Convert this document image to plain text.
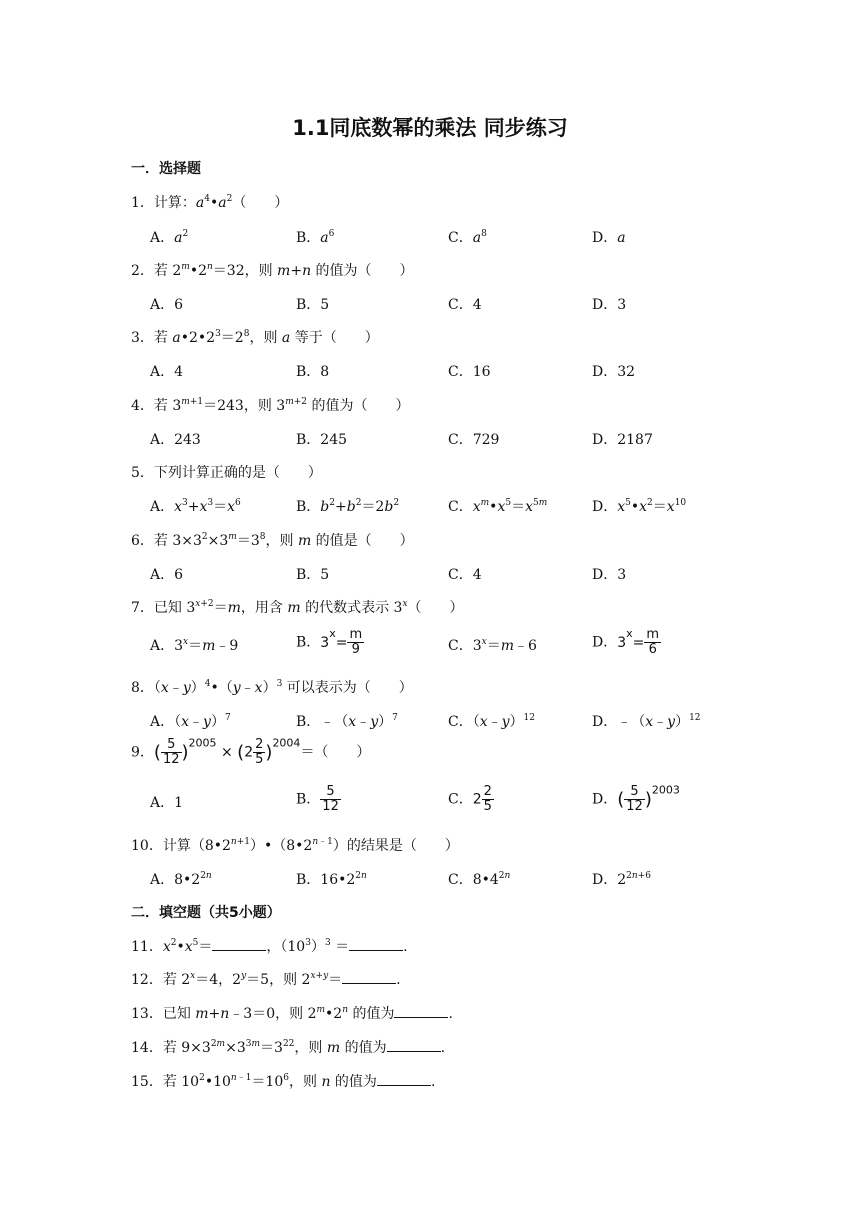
1.1同底数幂的乘法 同步练习
一．选择题
1．计算：$a^4•a^2$（　　）
A．$a^2$	B．$a^6$	C．$a^8$	D．a
2．若 $2^m•2^n=32$，则 m+n 的值为（　　）
A．6	B．5	C．4	D．3
3．若 $a•2•2^3=2^8$，则 a 等于（　　）
A．4	B．8	C．16	D．32
4．若 $3^{m+1}=243$，则 $3^{m+2}$ 的值为（　　）
A．243	B．245	C．729	D．2187
5．下列计算正确的是（　　）
A．$x^3+x^3=x^6$	B．$b^2+b^2=2b^2$	C．$x^m•x^5=x^{5m}$	D．$x^5•x^2=x^{10}$
6．若 $3\times 3^2\times 3^m=3^8$，则 m 的值是（　　）
A．6	B．5	C．4	D．3
7．已知 $3^{x+2}=m$，用含 m 的代数式表示 3$^x$（　　）
A．$3^x=m﹣9$	B．$3^x= \frac{m}{9}$	C．$3^x=m﹣6$	D．$3^x= \frac{m}{6}$
8．（x﹣y）$^4$•（y﹣x）$^3$ 可以表示为（　　）
A．（x﹣y）$^7$	B．﹣（x﹣y）$^7$	C．（x﹣y）$^{12}$	D．﹣（x﹣y）$^{12}$
9．( $\frac{5}{12} )^{2005} \times (2 \frac{2}{5} )^{2004}=$（　　）
A．1	B． $\frac{5}{12}$	C．$2 \frac{2}{5}$	D．( $\frac{5}{12} )^{2003}$
10．计算$(8•2^{n+1})•(8•2^{n﹣1})$的结果是（　　）
A．$8•2^{2n}$	B．$16•2^{2n}$	C．$8•4^{2n}$	D．$2^{2n+6}$
二．填空题（共5小题）
11．$x^2•x^5=$	，$(10^3)^3$ ＝	.
12．若 $2^x=4$，$2^y=5$，则 $2^{x+y}=$	.
13．已知 m+n﹣3＝0，则 2$^m$•2$^n$ 的值为	.
14．若 $9\times 3^{2m}\times 3^{3m}=3^{22}$，则 m 的值为	.
15．若 $10^2•10^{n﹣1}=10^6$，则 n 的值为	.
